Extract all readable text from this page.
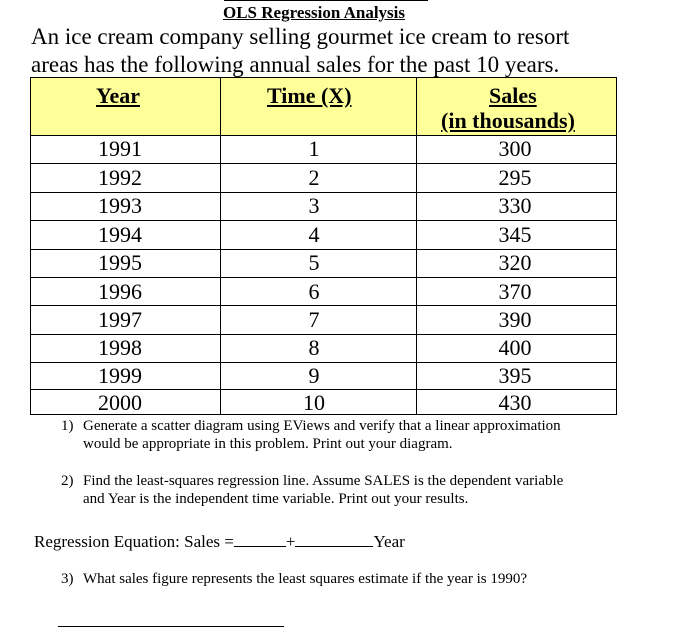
OLS Regression Analysis
An ice cream company selling gourmet ice cream to resort
areas has the following annual sales for the past 10 years.
Year	Time (X)	Sales
(in thousands)
1991	1	300
1992	2	295
1993	3	330
1994	4	345
1995	5	320
1996	6	370
1997	7	390
1998	8	400
1999	9	395
2000	10	430
1) Generate a scatter diagram using EViews and verify that a linear approximation
would be appropriate in this problem. Print out your diagram.
2) Find the least-squares regression line. Assume SALES is the dependent variable
and Year is the independent time variable. Print out your results.
Regression Equation: Sales =	+	Year
3) What sales figure represents the least squares estimate if the year is 1990?
